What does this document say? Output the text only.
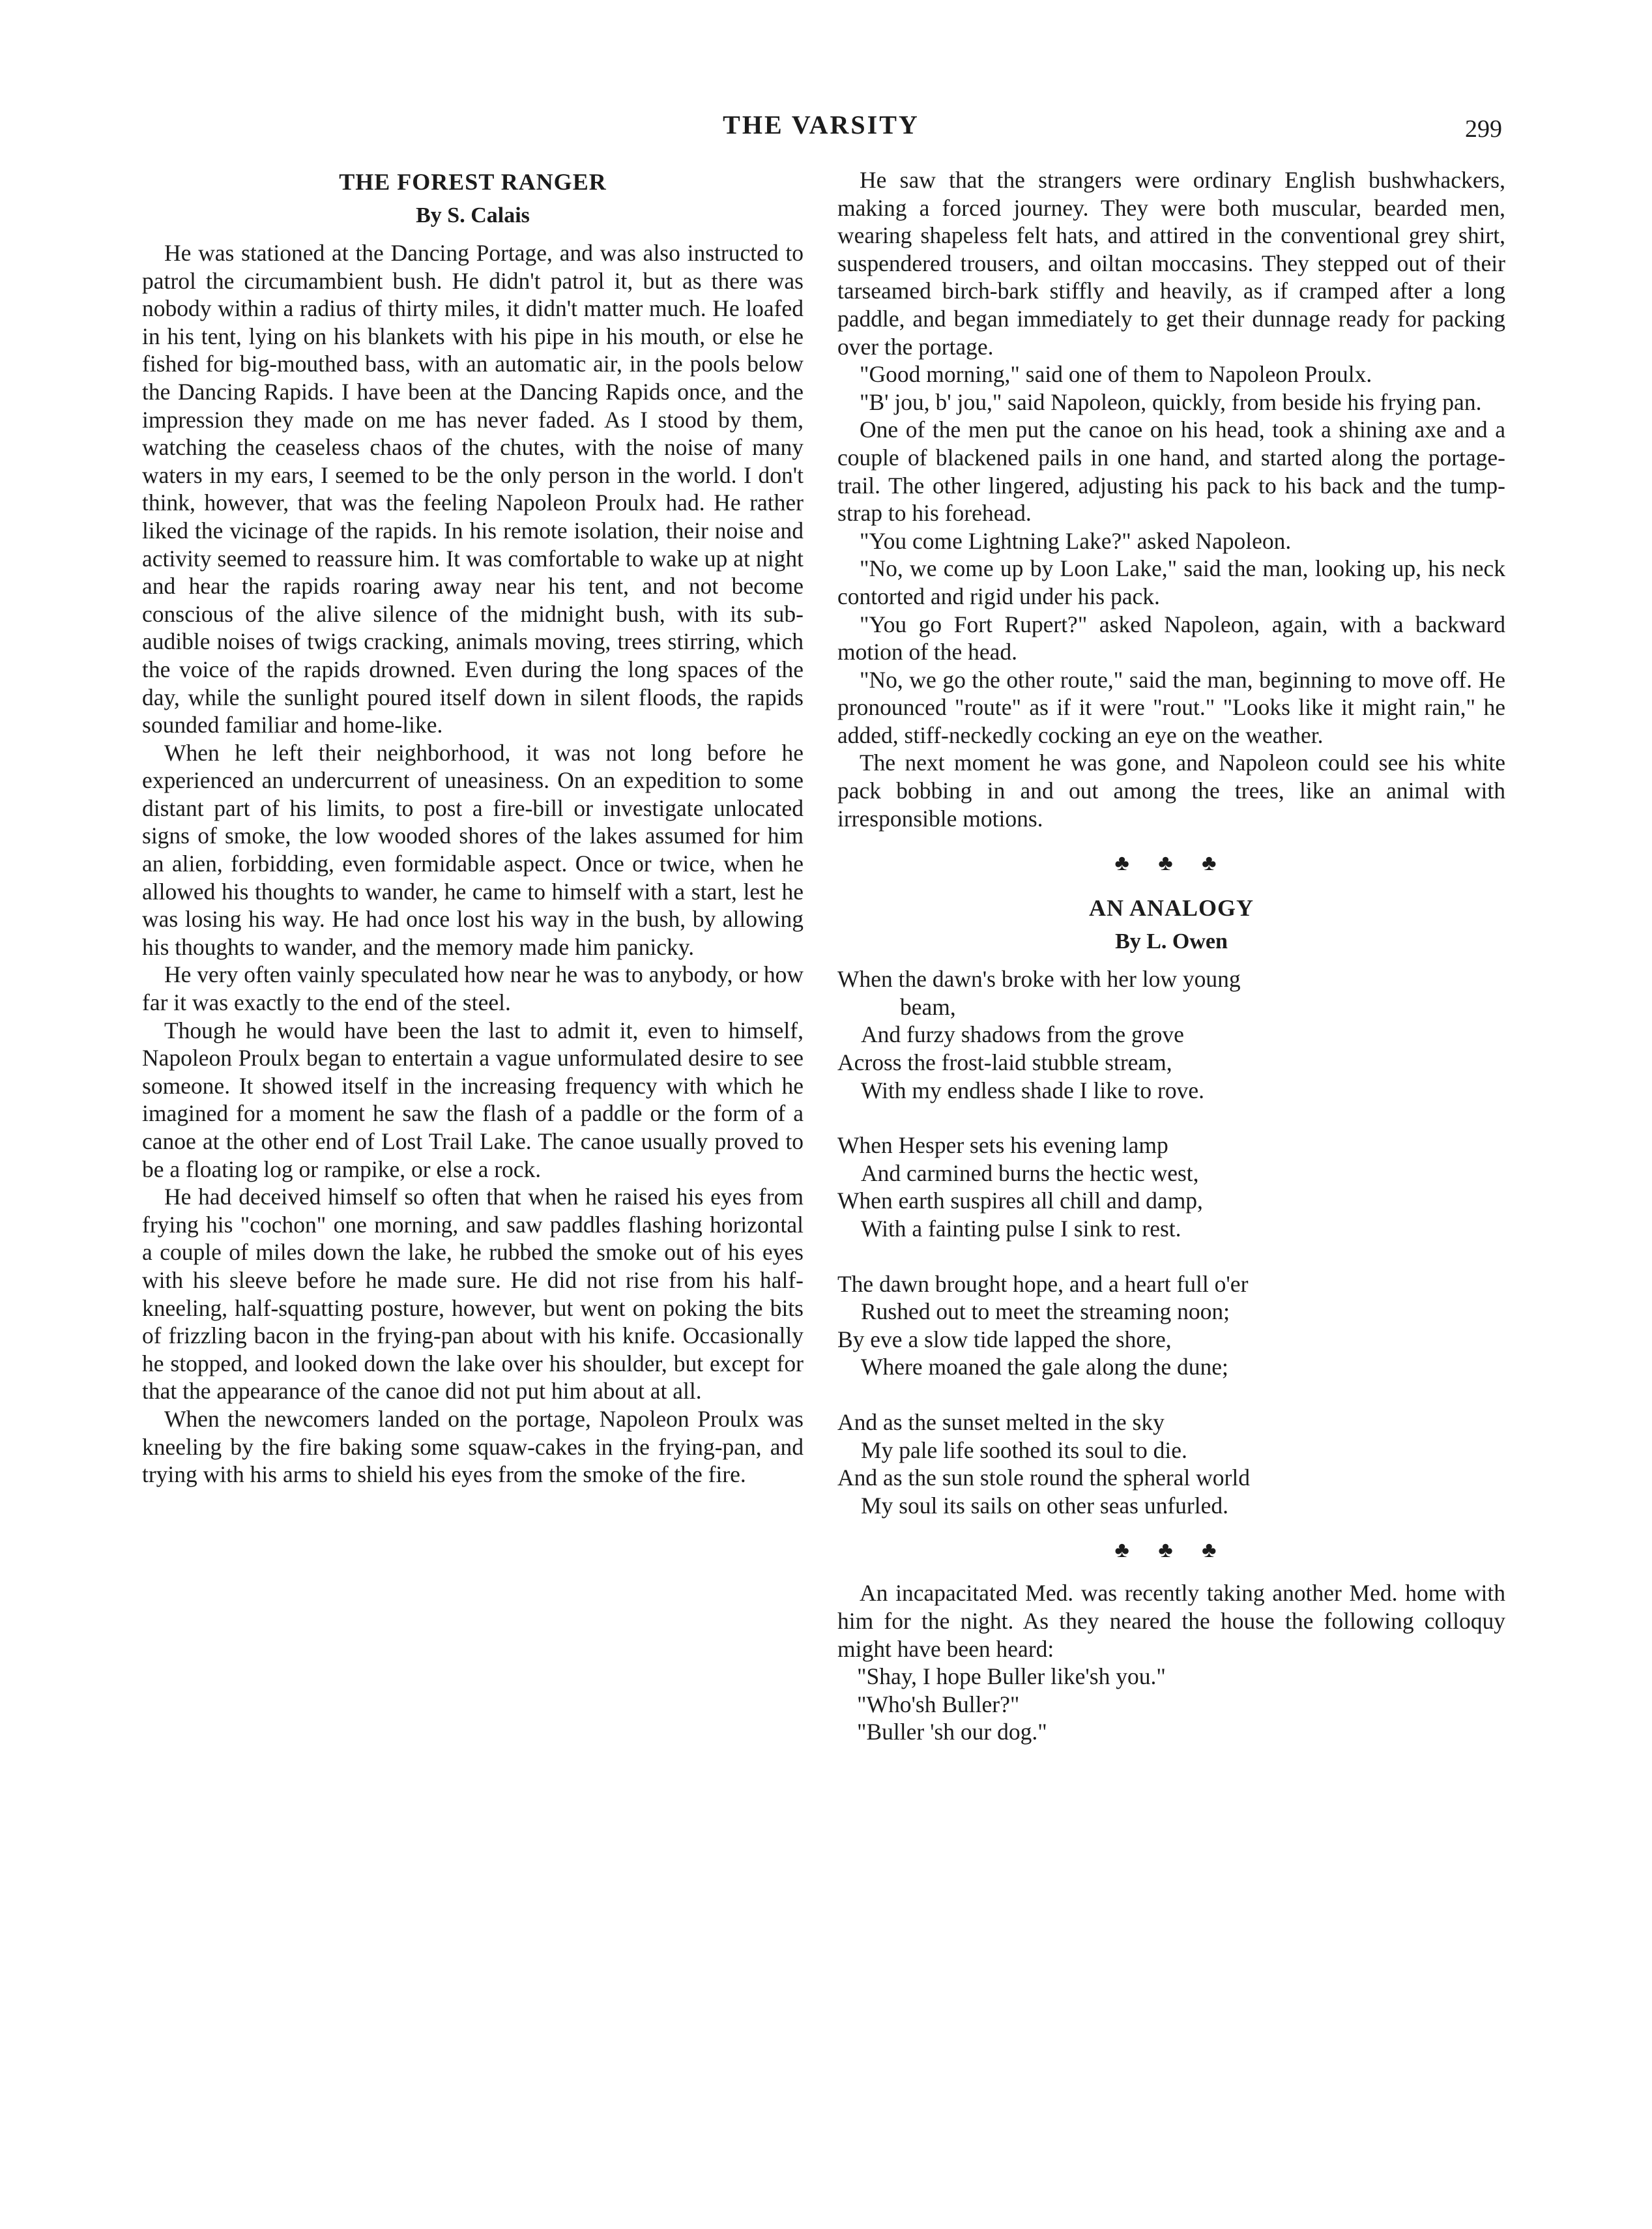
THE VARSITY	299
THE FOREST RANGER
By S. Calais

He was stationed at the Dancing Portage, and was also instructed to patrol the circumambient bush. He didn't patrol it, but as there was nobody within a radius of thirty miles, it didn't matter much. He loafed in his tent, lying on his blankets with his pipe in his mouth, or else he fished for big-mouthed bass, with an automatic air, in the pools below the Dancing Rapids. I have been at the Dancing Rapids once, and the impression they made on me has never faded. As I stood by them, watching the ceaseless chaos of the chutes, with the noise of many waters in my ears, I seemed to be the only person in the world. I don't think, however, that was the feeling Napoleon Proulx had. He rather liked the vicinage of the rapids. In his remote isolation, their noise and activity seemed to reassure him. It was comfortable to wake up at night and hear the rapids roaring away near his tent, and not become conscious of the alive silence of the midnight bush, with its sub-audible noises of twigs cracking, animals moving, trees stirring, which the voice of the rapids drowned. Even during the long spaces of the day, while the sunlight poured itself down in silent floods, the rapids sounded familiar and home-like.

When he left their neighborhood, it was not long before he experienced an undercurrent of uneasiness. On an expedition to some distant part of his limits, to post a fire-bill or investigate unlocated signs of smoke, the low wooded shores of the lakes assumed for him an alien, forbidding, even formidable aspect. Once or twice, when he allowed his thoughts to wander, he came to himself with a start, lest he was losing his way. He had once lost his way in the bush, by allowing his thoughts to wander, and the memory made him panicky.

He very often vainly speculated how near he was to anybody, or how far it was exactly to the end of the steel.

Though he would have been the last to admit it, even to himself, Napoleon Proulx began to entertain a vague unformulated desire to see someone. It showed itself in the increasing frequency with which he imagined for a moment he saw the flash of a paddle or the form of a canoe at the other end of Lost Trail Lake. The canoe usually proved to be a floating log or rampike, or else a rock.

He had deceived himself so often that when he raised his eyes from frying his "cochon" one morning, and saw paddles flashing horizontal a couple of miles down the lake, he rubbed the smoke out of his eyes with his sleeve before he made sure. He did not rise from his half-kneeling, half-squatting posture, however, but went on poking the bits of frizzling bacon in the frying-pan about with his knife. Occasionally he stopped, and looked down the lake over his shoulder, but except for that the appearance of the canoe did not put him about at all.

When the newcomers landed on the portage, Napoleon Proulx was kneeling by the fire baking some squaw-cakes in the frying-pan, and trying with his arms to shield his eyes from the smoke of the fire.

He saw that the strangers were ordinary English bushwhackers, making a forced journey. They were both muscular, bearded men, wearing shapeless felt hats, and attired in the conventional grey shirt, suspendered trousers, and oiltan moccasins. They stepped out of their tarseamed birch-bark stiffly and heavily, as if cramped after a long paddle, and began immediately to get their dunnage ready for packing over the portage.

"Good morning," said one of them to Napoleon Proulx.

"B' jou, b' jou," said Napoleon, quickly, from beside his frying pan.

One of the men put the canoe on his head, took a shining axe and a couple of blackened pails in one hand, and started along the portage-trail. The other lingered, adjusting his pack to his back and the tump-strap to his forehead.

"You come Lightning Lake?" asked Napoleon.

"No, we come up by Loon Lake," said the man, looking up, his neck contorted and rigid under his pack.

"You go Fort Rupert?" asked Napoleon, again, with a backward motion of the head.

"No, we go the other route," said the man, beginning to move off. He pronounced "route" as if it were "rout." "Looks like it might rain," he added, stiff-neckedly cocking an eye on the weather.

The next moment he was gone, and Napoleon could see his white pack bobbing in and out among the trees, like an animal with irresponsible motions.

♣ ♣ ♣
AN ANALOGY
By L. Owen
When the dawn's broke with her low young
beam,
And furzy shadows from the grove
Across the frost-laid stubble stream,
With my endless shade I like to rove.
When Hesper sets his evening lamp
And carmined burns the hectic west,
When earth suspires all chill and damp,
With a fainting pulse I sink to rest.
The dawn brought hope, and a heart full o'er
Rushed out to meet the streaming noon;
By eve a slow tide lapped the shore,
Where moaned the gale along the dune;
And as the sunset melted in the sky
My pale life soothed its soul to die.
And as the sun stole round the spheral world
My soul its sails on other seas unfurled.
♣ ♣ ♣

An incapacitated Med. was recently taking another Med. home with him for the night. As they neared the house the following colloquy might have been heard:

"Shay, I hope Buller like'sh you."
"Who'sh Buller?"
"Buller 'sh our dog."
